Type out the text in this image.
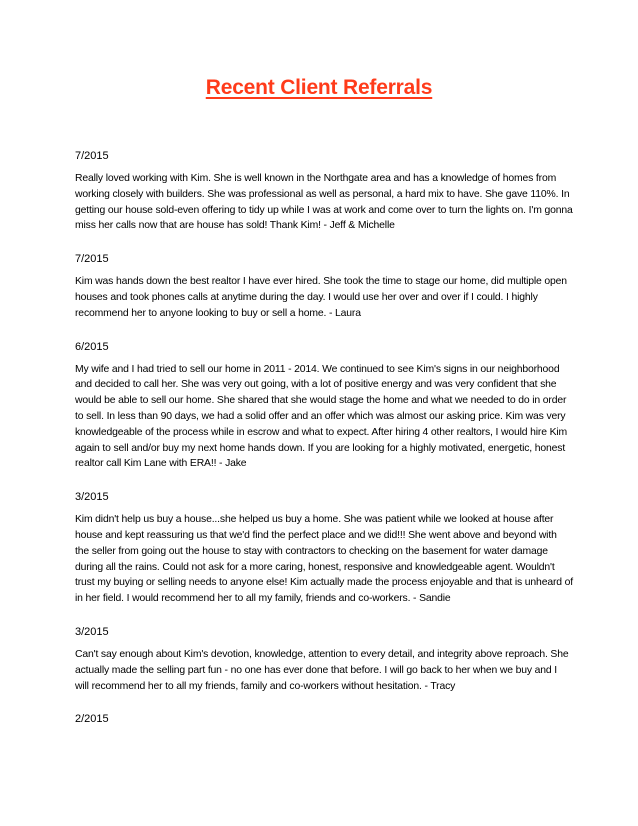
Recent Client Referrals
7/2015
Really loved working with Kim. She is well known in the Northgate area and has a knowledge of homes from working closely with builders. She was professional as well as personal, a hard mix to have. She gave 110%. In getting our house sold-even offering to tidy up while I was at work and come over to turn the lights on. I'm gonna miss her calls now that are house has sold! Thank Kim! - Jeff & Michelle
7/2015
Kim was hands down the best realtor I have ever hired. She took the time to stage our home, did multiple open houses and took phones calls at anytime during the day. I would use her over and over if I could. I highly recommend her to anyone looking to buy or sell a home. - Laura
6/2015
My wife and I had tried to sell our home in 2011 - 2014. We continued to see Kim's signs in our neighborhood and decided to call her. She was very out going, with a lot of positive energy and was very confident that she would be able to sell our home. She shared that she would stage the home and what we needed to do in order to sell. In less than 90 days, we had a solid offer and an offer which was almost our asking price. Kim was very knowledgeable of the process while in escrow and what to expect. After hiring 4 other realtors, I would hire Kim again to sell and/or buy my next home hands down. If you are looking for a highly motivated, energetic, honest realtor call Kim Lane with ERA!! - Jake
3/2015
Kim didn't help us buy a house...she helped us buy a home. She was patient while we looked at house after house and kept reassuring us that we'd find the perfect place and we did!!! She went above and beyond with the seller from going out the house to stay with contractors to checking on the basement for water damage during all the rains. Could not ask for a more caring, honest, responsive and knowledgeable agent. Wouldn't trust my buying or selling needs to anyone else! Kim actually made the process enjoyable and that is unheard of in her field. I would recommend her to all my family, friends and co-workers. - Sandie
3/2015
Can't say enough about Kim's devotion, knowledge, attention to every detail, and integrity above reproach. She actually made the selling part fun - no one has ever done that before. I will go back to her when we buy and I will recommend her to all my friends, family and co-workers without hesitation. - Tracy
2/2015
